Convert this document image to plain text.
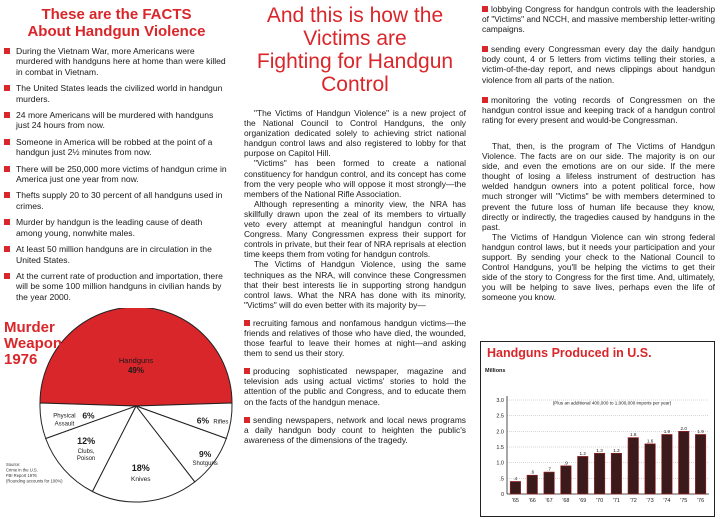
These are the FACTS
About Handgun Violence
During the Vietnam War, more Americans were murdered with handguns here at home than were killed in combat in Vietnam.
The United States leads the civilized world in handgun murders.
24 more Americans will be murdered with handguns just 24 hours from now.
Someone in America will be robbed at the point of a handgun just 2½ minutes from now.
There will be 250,000 more victims of handgun crime in America just one year from now.
Thefts supply 20 to 30 percent of all handguns used in crimes.
Murder by handgun is the leading cause of death among young, nonwhite males.
At least 50 million handguns are in circulation in the United States.
At the current rate of production and importation, there will be some 100 million handguns in civilian hands by the year 2000.
Handguns
49%
6% Rifles
9%
Shotguns
18%
Knives
12%
Clubs,
Poison
Physical 6%
Assault
Source:
Crime in the U.S.
FBI Report 1976
(Rounding accounts for 100%)
Murder
Weapons
1976
And this is how the
Victims are
Fighting for Handgun
Control

"The Victims of Handgun Violence" is a new project of the National Council to Control Handguns, the only organization dedicated solely to achieving strict national handgun control laws and also registered to lobby for that purpose on Capitol Hill.

"Victims" has been formed to create a national constituency for handgun control, and its concept has come from the very people who will oppose it most strongly—the members of the National Rifle Association.

Although representing a minority view, the NRA has skillfully drawn upon the zeal of its members to virtually veto every attempt at meaningful handgun control in Congress. Many Congressmen express their support for controls in private, but their fear of NRA reprisals at election time keeps them from voting for handgun controls.

The Victims of Handgun Violence, using the same techniques as the NRA, will convince these Congressmen that their best interests lie in supporting strong handgun control laws. What the NRA has done with its minority, "Victims" will do even better with its majority by—

recruiting famous and nonfamous handgun victims—the friends and relatives of those who have died, the wounded, those fearful to leave their homes at night—and asking them to send us their story.

producing sophisticated newspaper, magazine and television ads using actual victims' stories to hold the attention of the public and Congress, and to educate them on the facts of the handgun menace.

sending newspapers, network and local news programs a daily handgun body count to heighten the public's awareness of the dimensions of the tragedy.

lobbying Congress for handgun controls with the leadership of "Victims" and NCCH, and massive membership letter-writing campaigns.

sending every Congressman every day the daily handgun body count, 4 or 5 letters from victims telling their stories, a victim-of-the-day report, and news clippings about handgun violence from all parts of the nation.

monitoring the voting records of Congressmen on the handgun control issue and keeping track of a handgun control rating for every present and would-be Congressman.

That, then, is the program of The Victims of Handgun Violence. The facts are on our side. The majority is on our side, and even the emotions are on our side. If the mere thought of losing a lifeless instrument of destruction has welded handgun owners into a potent political force, how much stronger will "Victims" be with members determined to prevent the future loss of human life because they know, directly or indirectly, the tragedies caused by handguns in the past.

The Victims of Handgun Violence can win strong federal handgun control laws, but it needs your participation and your support. By sending your check to the National Council to Control Handguns, you'll be helping the victims to get their side of the story to Congress for the first time. And, ultimately, you will be helping to save lives, perhaps even the life of someone you know.

Handguns Produced in U.S.
Millions
3.0
2.5
2.0
1.5
1.0
.5
0
(Plus an additional 400,000 to 1,000,000 imports per year)
.4
'65
.6
'66
.7
'67
.9
'68
1.2
'69
1.3
'70
1.3
'71
1.8
'72
1.6
'73
1.9
'74
2.0
'75
1.9
'76
